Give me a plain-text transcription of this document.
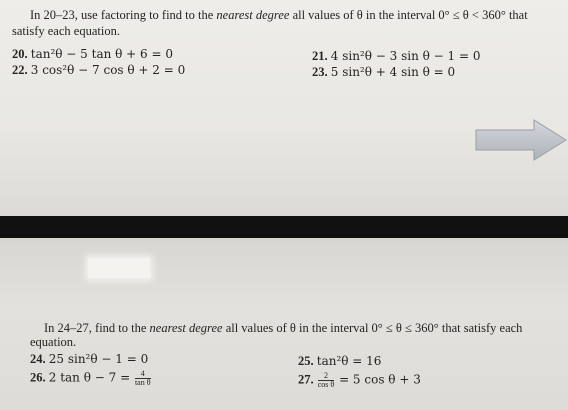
In 20–23, use factoring to find to the nearest degree all values of θ in the interval 0° ≤ θ < 360° that
satisfy each equation.
20. tan²θ − 5 tan θ + 6 = 0	21. 4 sin²θ − 3 sin θ − 1 = 0
22. 3 cos²θ − 7 cos θ + 2 = 0	23. 5 sin²θ + 4 sin θ = 0
In 24–27, find to the nearest degree all values of θ in the interval 0° ≤ θ ≤ 360° that satisfy each
equation.
24. 25 sin²θ − 1 = 0	25. tan²θ = 16
26. 2 $\tan \theta - 7 = \frac{4}{\text{tan θ}}$	27. $\frac{2}{\text{cos θ}} = 5$ cos θ + 3
